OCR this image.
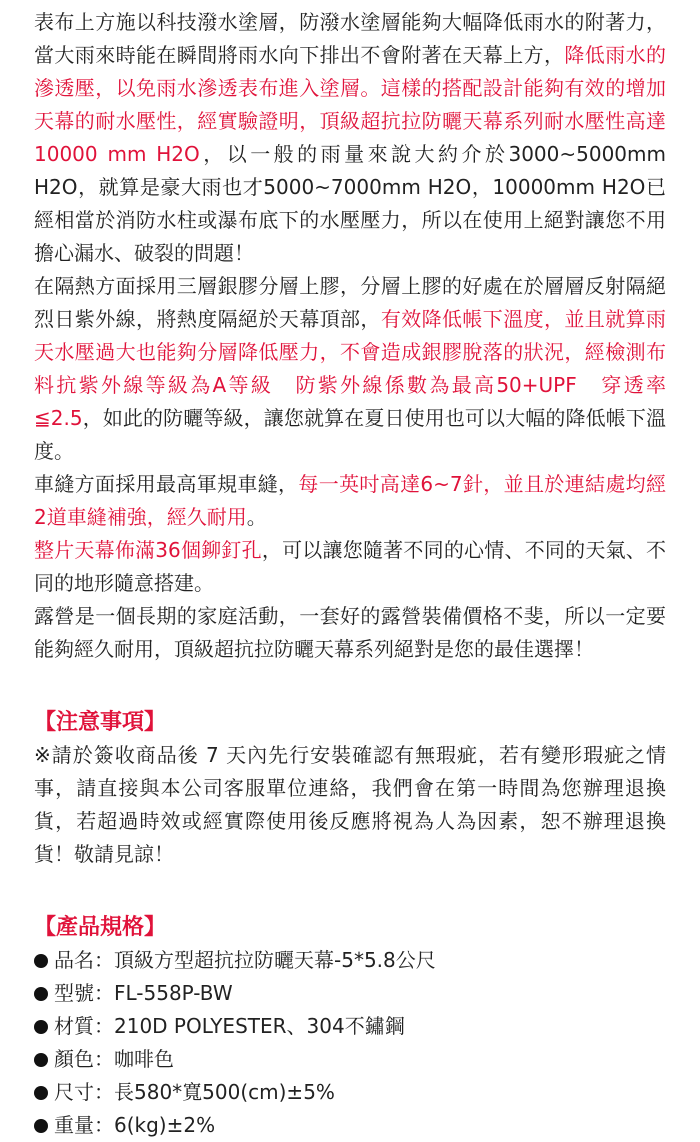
表布上方施以科技潑水塗層，防潑水塗層能夠大幅降低雨水的附著力，當大雨來時能在瞬間將雨水向下排出不會附著在天幕上方，降低雨水的滲透壓，以免雨水滲透表布進入塗層。這樣的搭配設計能夠有效的增加天幕的耐水壓性，經實驗證明，頂級超抗拉防曬天幕系列耐水壓性高達　10000 mm H2O，以一般的雨量來說大約介於3000~5000mm H2O，就算是豪大雨也才5000~7000mm H2O，10000mm H2O已經相當於消防水柱或瀑布底下的水壓壓力，所以在使用上絕對讓您不用擔心漏水、破裂的問題！

在隔熱方面採用三層銀膠分層上膠，分層上膠的好處在於層層反射隔絕烈日紫外線，將熱度隔絕於天幕頂部，有效降低帳下溫度，並且就算雨天水壓過大也能夠分層降低壓力，不會造成銀膠脫落的狀況，經檢測布料抗紫外線等級為A等級　防紫外線係數為最高50+UPF　穿透率≦2.5，如此的防曬等級，讓您就算在夏日使用也可以大幅的降低帳下溫度。

車縫方面採用最高軍規車縫，每一英吋高達6~7針，並且於連結處均經2道車縫補強，經久耐用。

整片天幕佈滿36個鉚釘孔，可以讓您隨著不同的心情、不同的天氣、不同的地形隨意搭建。

露營是一個長期的家庭活動，一套好的露營裝備價格不斐，所以一定要能夠經久耐用，頂級超抗拉防曬天幕系列絕對是您的最佳選擇！

【注意事項】

※請於簽收商品後 7 天內先行安裝確認有無瑕疵，若有變形瑕疵之情事，請直接與本公司客服單位連絡，我們會在第一時間為您辦理退換貨，若超過時效或經實際使用後反應將視為人為因素，恕不辦理退換貨！敬請見諒！

【產品規格】

品名：頂級方型超抗拉防曬天幕-5*5.8公尺
型號：FL-558P-BW
材質：210D POLYESTER、304不鏽鋼
顏色：咖啡色
尺寸：長580*寬500(cm)±5%
重量：6(kg)±2%
